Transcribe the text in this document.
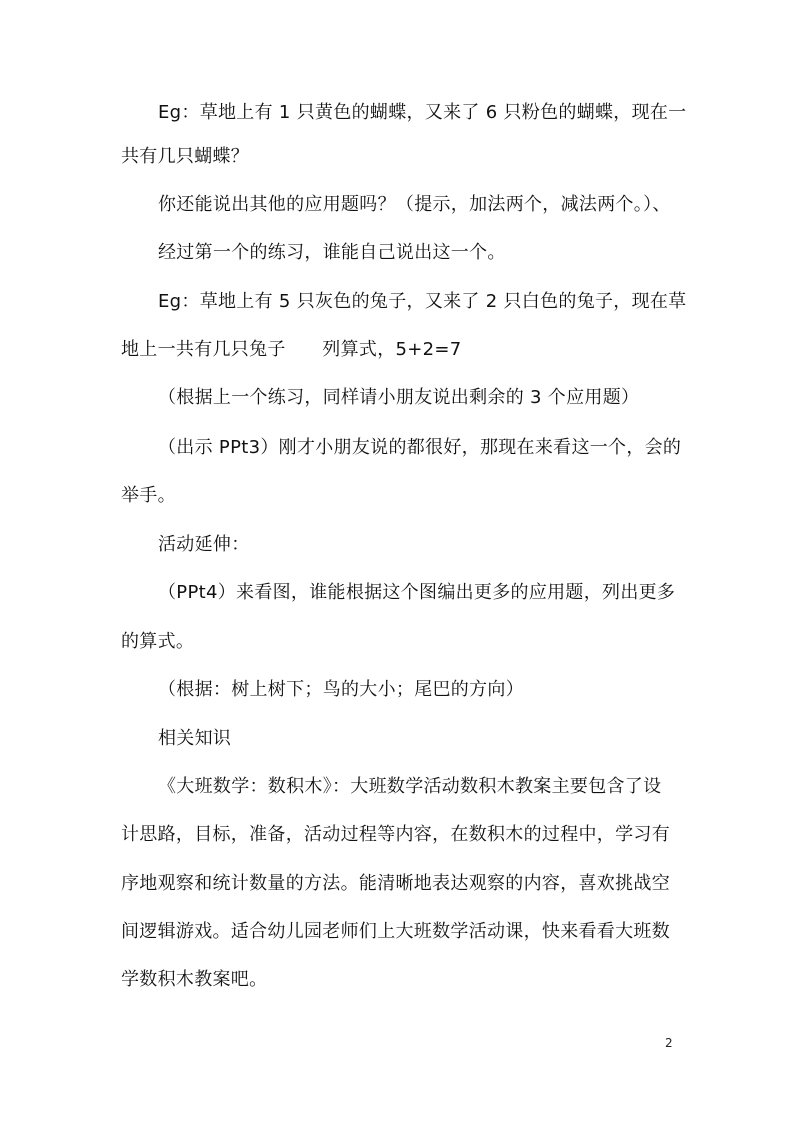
Eg：草地上有 1 只黄色的蝴蝶，又来了 6 只粉色的蝴蝶，现在一
共有几只蝴蝶？
你还能说出其他的应用题吗？（提示，加法两个，减法两个。）、
经过第一个的练习，谁能自己说出这一个。
Eg：草地上有 5 只灰色的兔子，又来了 2 只白色的兔子，现在草
地上一共有几只兔子　　列算式，5+2=7
（根据上一个练习，同样请小朋友说出剩余的 3 个应用题）
（出示 PPt3）刚才小朋友说的都很好，那现在来看这一个，会的
举手。
活动延伸：
（PPt4）来看图，谁能根据这个图编出更多的应用题，列出更多
的算式。
（根据：树上树下；鸟的大小；尾巴的方向）
相关知识
《大班数学：数积木》：大班数学活动数积木教案主要包含了设
计思路，目标，准备，活动过程等内容，在数积木的过程中，学习有
序地观察和统计数量的方法。能清晰地表达观察的内容，喜欢挑战空
间逻辑游戏。适合幼儿园老师们上大班数学活动课，快来看看大班数
学数积木教案吧。
2
